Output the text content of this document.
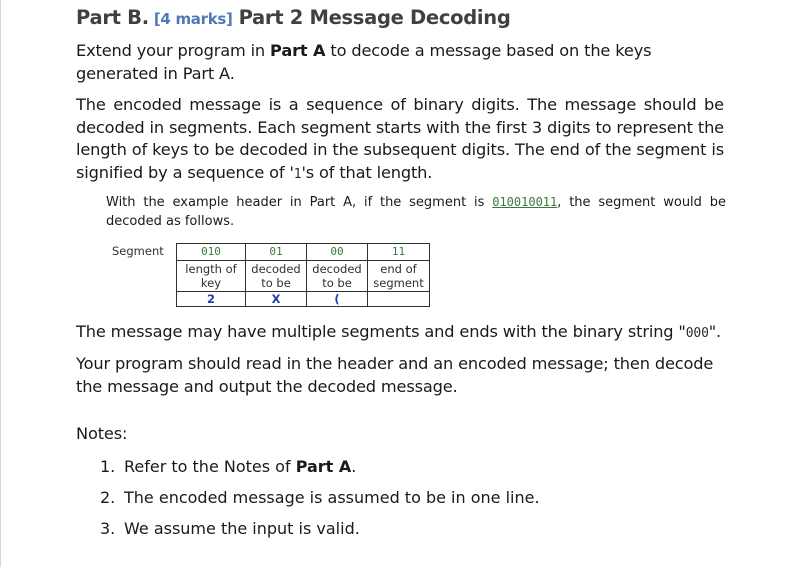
Part B. [4 marks] Part 2 Message Decoding

Extend your program in Part A to decode a message based on the keys generated in Part A.

The encoded message is a sequence of binary digits. The message should be decoded in segments. Each segment starts with the first 3 digits to represent the length of keys to be decoded in the subsequent digits. The end of the segment is signified by a sequence of '1's of that length.

With the example header in Part A, if the segment is 010010011, the segment would be decoded as follows.

Segment	010	01	00	11
length of key	decoded to be	decoded to be	end of segment
2	X	(	

The message may have multiple segments and ends with the binary string "000".

Your program should read in the header and an encoded message; then decode the message and output the decoded message.

Notes:

1. Refer to the Notes of Part A.
2. The encoded message is assumed to be in one line.
3. We assume the input is valid.
